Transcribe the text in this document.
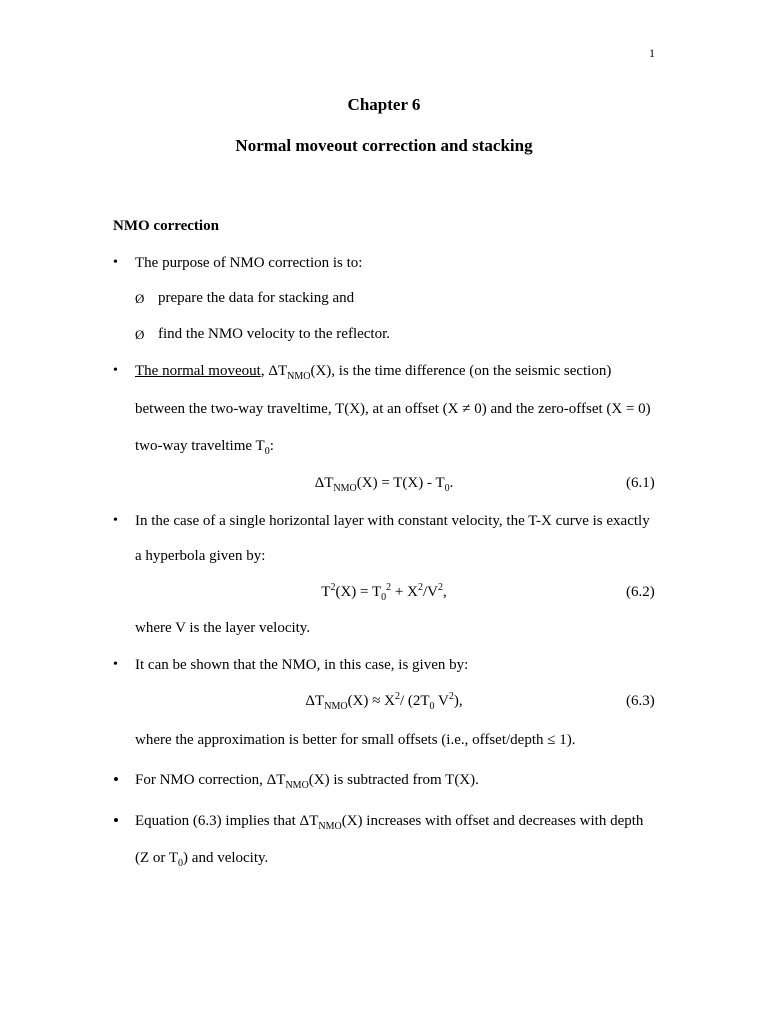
1
Chapter 6
Normal moveout correction and stacking
NMO correction
• The purpose of NMO correction is to:
Ø prepare the data for stacking and
Ø find the NMO velocity to the reflector.
• The normal moveout, $\Delta T_{NMO}(X)$, is the time difference (on the seismic section)
between the two-way traveltime, T(X), at an offset (X ≠ 0) and the zero-offset (X = 0)
two-way traveltime $T_0$:
$\Delta T_{NMO}(X) = T(X) - T_0$.	(6.1)
• In the case of a single horizontal layer with constant velocity, the T-X curve is exactly
a hyperbola given by:
$T^2(X) = T_0^2 + X^2/V^2$,	(6.2)
where V is the layer velocity.
• It can be shown that the NMO, in this case, is given by:
$\Delta T_{NMO}(X) \approx X^2/$ ($2T_0$ $V^2$),	(6.3)
where the approximation is better for small offsets (i.e., offset/depth ≤ 1).
• For NMO correction, $\Delta T_{NMO}(X)$ is subtracted from T(X).
• Equation (6.3) implies that $\Delta T_{NMO}(X)$ increases with offset and decreases with depth
(Z or $T_0$) and velocity.
